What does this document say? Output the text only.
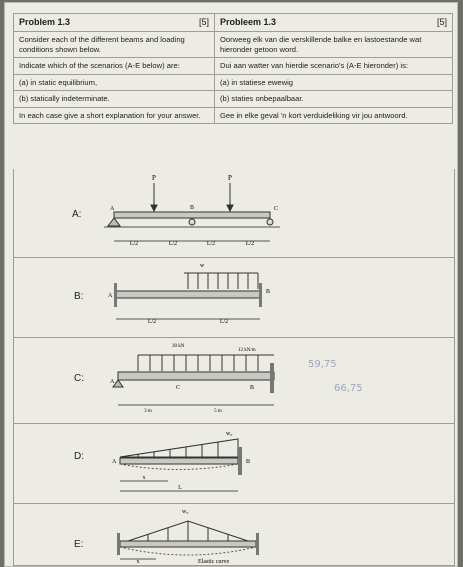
Problem 1.3 [5]	Probleem 1.3 [5]

Consider each of the different beams and loading conditions shown below.	Oorweeg elk van die verskillende balke en lastoestande wat hieronder getoon word.
Indicate which of the scenarios (A-E below) are:	Dui aan watter van hierdie scenario's (A-E hieronder) is:
(a) in static equilibrium,	(a) in statiese ewewig
(b) statically indeterminate.	(b) staties onbepaalbaar.
In each case give a short explanation for your answer.	Gee in elke geval 'n kort verduideliking vir jou antwoord.
A:
P	P
A	B	C
L/2	L/2	L/2	L/2
B:
w
A
B
L/2	L/2
C:
30 kN
12 kN/m
A
C	B
3 m	5 m
59,75
66,75
D:
w₀
A	B
x
L
E:
w₀
x	Elastic curve
